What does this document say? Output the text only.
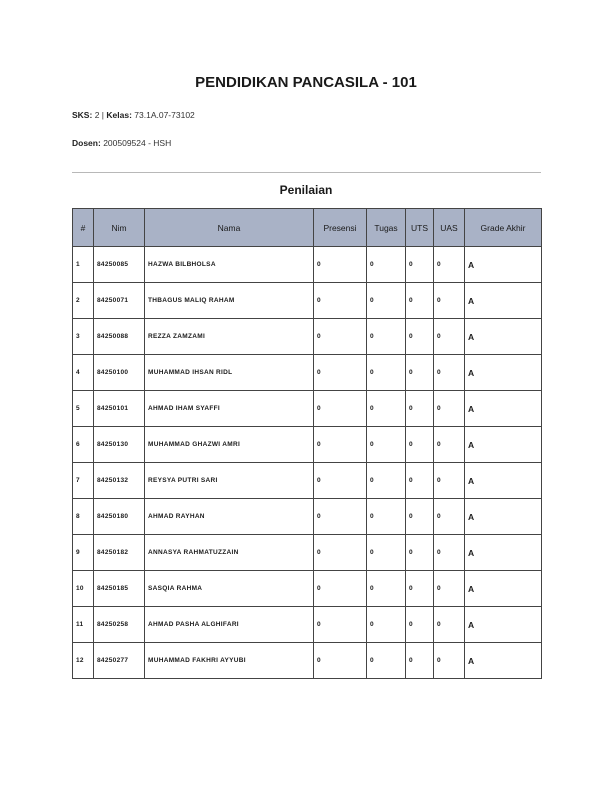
PENDIDIKAN PANCASILA - 101
SKS: 2 | Kelas: 73.1A.07-73102
Dosen: 200509524 - HSH
Penilaian
#	Nim	Nama	Presensi	Tugas	UTS	UAS	Grade Akhir
1	84250085	HAZWA BILBHOLSA	0	0	0	0	A
2	84250071	THBAGUS MALIQ RAHAM	0	0	0	0	A
3	84250088	REZZA ZAMZAMI	0	0	0	0	A
4	84250100	MUHAMMAD IHSAN RIDL	0	0	0	0	A
5	84250101	AHMAD IHAM SYAFFI	0	0	0	0	A
6	84250130	MUHAMMAD GHAZWI AMRI	0	0	0	0	A
7	84250132	REYSYA PUTRI SARI	0	0	0	0	A
8	84250180	AHMAD RAYHAN	0	0	0	0	A
9	84250182	ANNASYA RAHMATUZZAIN	0	0	0	0	A
10	84250185	SASQIA RAHMA	0	0	0	0	A
11	84250258	AHMAD PASHA ALGHIFARI	0	0	0	0	A
12	84250277	MUHAMMAD FAKHRI AYYUBI	0	0	0	0	A
